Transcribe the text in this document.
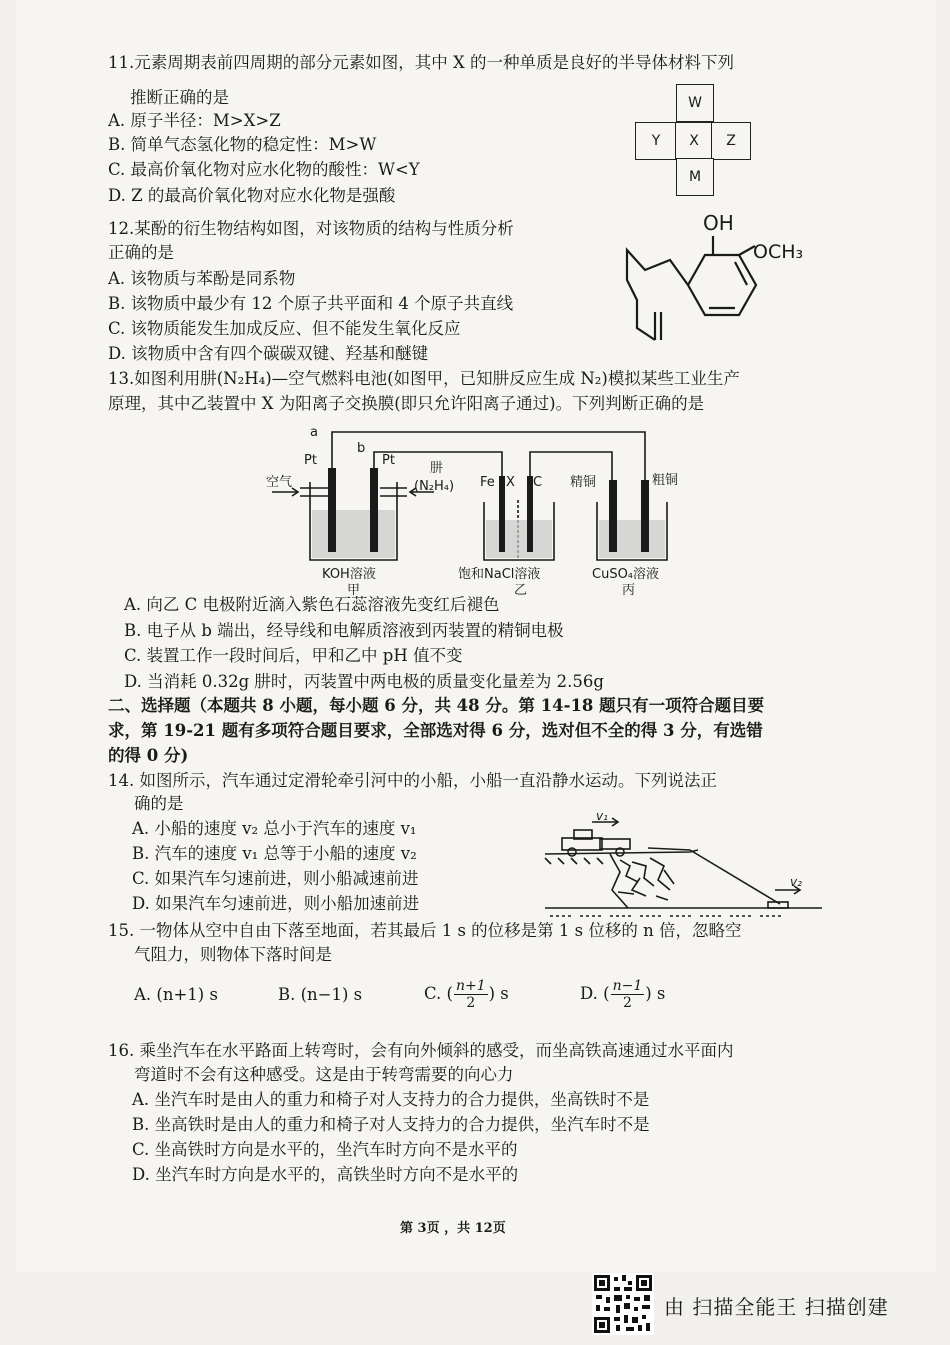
11.元素周期表前四周期的部分元素如图，其中 X 的一种单质是良好的半导体材料下列
推断正确的是
A. 原子半径：M>X>Z
B. 简单气态氢化物的稳定性：M>W
C. 最高价氧化物对应水化物的酸性：W<Y
D. Z 的最高价氧化物对应水化物是强酸
W
Y	X	Z
M
12.某酚的衍生物结构如图，对该物质的结构与性质分析
正确的是
A. 该物质与苯酚是同系物
B. 该物质中最少有 12 个原子共平面和 4 个原子共直线
C. 该物质能发生加成反应、但不能发生氧化反应
D. 该物质中含有四个碳碳双键、羟基和醚键
OH
OCH₃
13.如图利用肼(N₂H₄)—空气燃料电池(如图甲，已知肼反应生成 N₂)模拟某些工业生产
原理，其中乙装置中 X 为阳离子交换膜(即只允许阳离子通过)。下列判断正确的是
a
b
Pt	Pt
空气
肼
(N₂H₄) Fe X C 精铜	粗铜
KOH溶液
甲
饱和NaCl溶液
乙
CuSO₄溶液
丙
A. 向乙 C 电极附近滴入紫色石蕊溶液先变红后褪色
B. 电子从 b 端出，经导线和电解质溶液到丙装置的精铜电极
C. 装置工作一段时间后，甲和乙中 pH 值不变
D. 当消耗 0.32g 肼时，丙装置中两电极的质量变化量差为 2.56g
二、选择题（本题共 8 小题，每小题 6 分，共 48 分。第 14-18 题只有一项符合题目要
求，第 19-21 题有多项符合题目要求，全部选对得 6 分，选对但不全的得 3 分，有选错
的得 0 分)
14. 如图所示，汽车通过定滑轮牵引河中的小船，小船一直沿静水运动。下列说法正
确的是
A. 小船的速度 v₂ 总小于汽车的速度 v₁
B. 汽车的速度 v₁ 总等于小船的速度 v₂
C. 如果汽车匀速前进，则小船减速前进
D. 如果汽车匀速前进，则小船加速前进
v₁
v₂
15. 一物体从空中自由下落至地面，若其最后 1 s 的位移是第 1 s 位移的 n 倍，忽略空
气阻力，则物体下落时间是
A. (n+1) s	B. (n−1) s	C. ( $\frac{n+1}{2}$ ) s	D. ( $\frac{n-1}{2}$ ) s
16. 乘坐汽车在水平路面上转弯时，会有向外倾斜的感受，而坐高铁高速通过水平面内
弯道时不会有这种感受。这是由于转弯需要的向心力
A. 坐汽车时是由人的重力和椅子对人支持力的合力提供，坐高铁时不是
B. 坐高铁时是由人的重力和椅子对人支持力的合力提供，坐汽车时不是
C. 坐高铁时方向是水平的，坐汽车时方向不是水平的
D. 坐汽车时方向是水平的，高铁坐时方向不是水平的
第 3页 ，共 12页
由 扫描全能王 扫描创建
